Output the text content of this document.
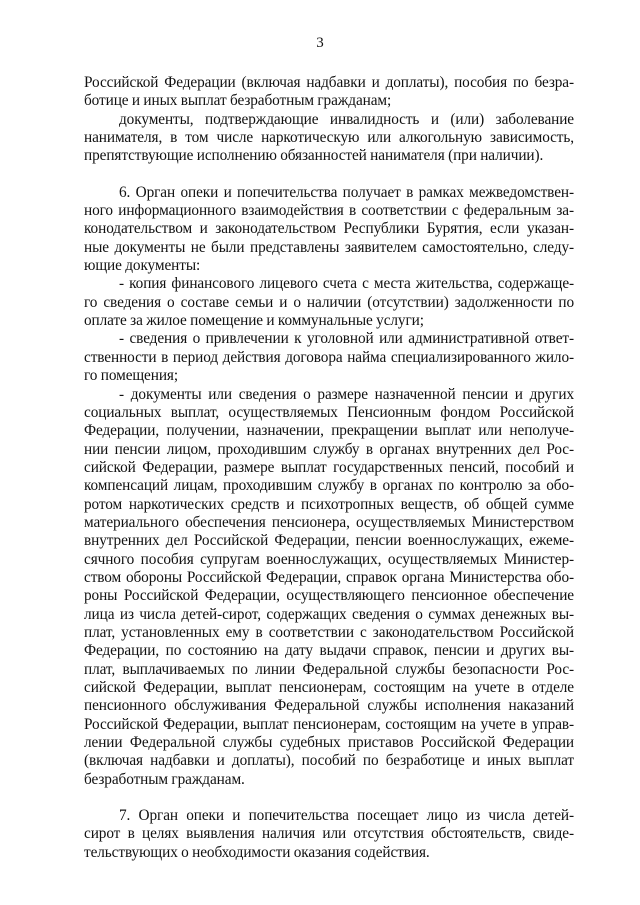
3
Российской Федерации (включая надбавки и доплаты), пособия по безра-
ботице и иных выплат безработным гражданам;
документы, подтверждающие инвалидность и (или) заболевание
нанимателя, в том числе наркотическую или алкогольную зависимость,
препятствующие исполнению обязанностей нанимателя (при наличии).
6. Орган опеки и попечительства получает в рамках межведомствен-
ного информационного взаимодействия в соответствии с федеральным за-
конодательством и законодательством Республики Бурятия, если указан-
ные документы не были представлены заявителем самостоятельно, следу-
ющие документы:
- копия финансового лицевого счета с места жительства, содержаще-
го сведения о составе семьи и о наличии (отсутствии) задолженности по
оплате за жилое помещение и коммунальные услуги;
- сведения о привлечении к уголовной или административной ответ-
ственности в период действия договора найма специализированного жило-
го помещения;
- документы или сведения о размере назначенной пенсии и других
социальных выплат, осуществляемых Пенсионным фондом Российской
Федерации, получении, назначении, прекращении выплат или неполуче-
нии пенсии лицом, проходившим службу в органах внутренних дел Рос-
сийской Федерации, размере выплат государственных пенсий, пособий и
компенсаций лицам, проходившим службу в органах по контролю за обо-
ротом наркотических средств и психотропных веществ, об общей сумме
материального обеспечения пенсионера, осуществляемых Министерством
внутренних дел Российской Федерации, пенсии военнослужащих, ежеме-
сячного пособия супругам военнослужащих, осуществляемых Министер-
ством обороны Российской Федерации, справок органа Министерства обо-
роны Российской Федерации, осуществляющего пенсионное обеспечение
лица из числа детей-сирот, содержащих сведения о суммах денежных вы-
плат, установленных ему в соответствии с законодательством Российской
Федерации, по состоянию на дату выдачи справок, пенсии и других вы-
плат, выплачиваемых по линии Федеральной службы безопасности Рос-
сийской Федерации, выплат пенсионерам, состоящим на учете в отделе
пенсионного обслуживания Федеральной службы исполнения наказаний
Российской Федерации, выплат пенсионерам, состоящим на учете в управ-
лении Федеральной службы судебных приставов Российской Федерации
(включая надбавки и доплаты), пособий по безработице и иных выплат
безработным гражданам.
7. Орган опеки и попечительства посещает лицо из числа детей-
сирот в целях выявления наличия или отсутствия обстоятельств, свиде-
тельствующих о необходимости оказания содействия.
